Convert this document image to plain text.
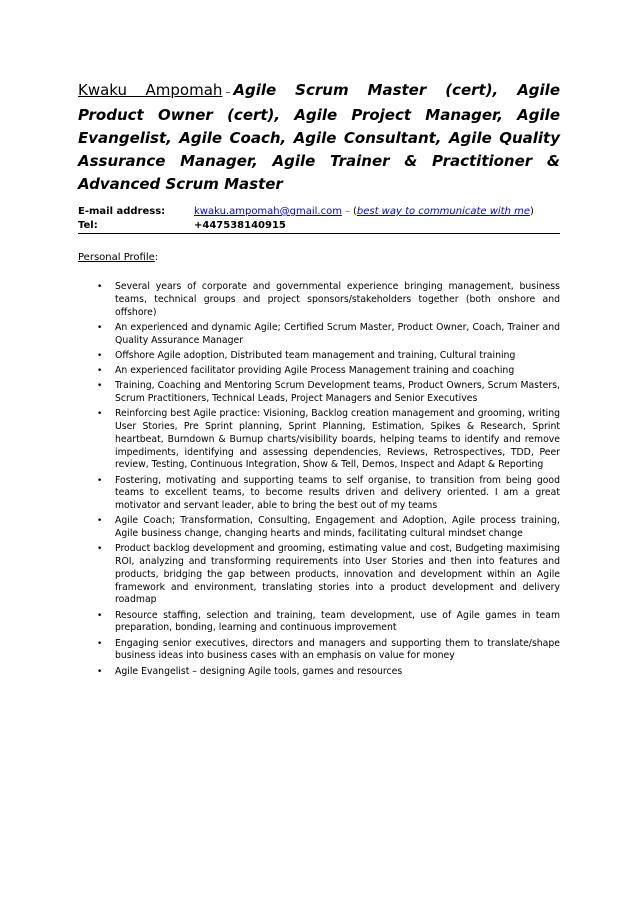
Kwaku Ampomah – Agile Scrum Master (cert), Agile Product Owner (cert), Agile Project Manager, Agile Evangelist, Agile Coach, Agile Consultant, Agile Quality Assurance Manager, Agile Trainer & Practitioner & Advanced Scrum Master
E-mail address:	kwaku.ampomah@gmail.com – (best way to communicate with me)
Tel:	+447538140915
Personal Profile:
•	Several years of corporate and governmental experience bringing management, business teams, technical groups and project sponsors/stakeholders together (both onshore and offshore)
•	An experienced and dynamic Agile; Certified Scrum Master, Product Owner, Coach, Trainer and Quality Assurance Manager
•	Offshore Agile adoption, Distributed team management and training, Cultural training
•	An experienced facilitator providing Agile Process Management training and coaching
•	Training, Coaching and Mentoring Scrum Development teams, Product Owners, Scrum Masters, Scrum Practitioners, Technical Leads, Project Managers and Senior Executives
•	Reinforcing best Agile practice: Visioning, Backlog creation management and grooming, writing User Stories, Pre Sprint planning, Sprint Planning, Estimation, Spikes & Research, Sprint heartbeat, Burndown & Burnup charts/visibility boards, helping teams to identify and remove impediments, identifying and assessing dependencies, Reviews, Retrospectives, TDD, Peer review, Testing, Continuous Integration, Show & Tell, Demos, Inspect and Adapt & Reporting
•	Fostering, motivating and supporting teams to self organise, to transition from being good teams to excellent teams, to become results driven and delivery oriented. I am a great motivator and servant leader, able to bring the best out of my teams
•	Agile Coach; Transformation, Consulting, Engagement and Adoption, Agile process training, Agile business change, changing hearts and minds, facilitating cultural mindset change
•	Product backlog development and grooming, estimating value and cost, Budgeting maximising ROI, analyzing and transforming requirements into User Stories and then into features and products, bridging the gap between products, innovation and development within an Agile framework and environment, translating stories into a product development and delivery roadmap
•	Resource staffing, selection and training, team development, use of Agile games in team preparation, bonding, learning and continuous improvement
•	Engaging senior executives, directors and managers and supporting them to translate/shape business ideas into business cases with an emphasis on value for money
•	Agile Evangelist – designing Agile tools, games and resources
